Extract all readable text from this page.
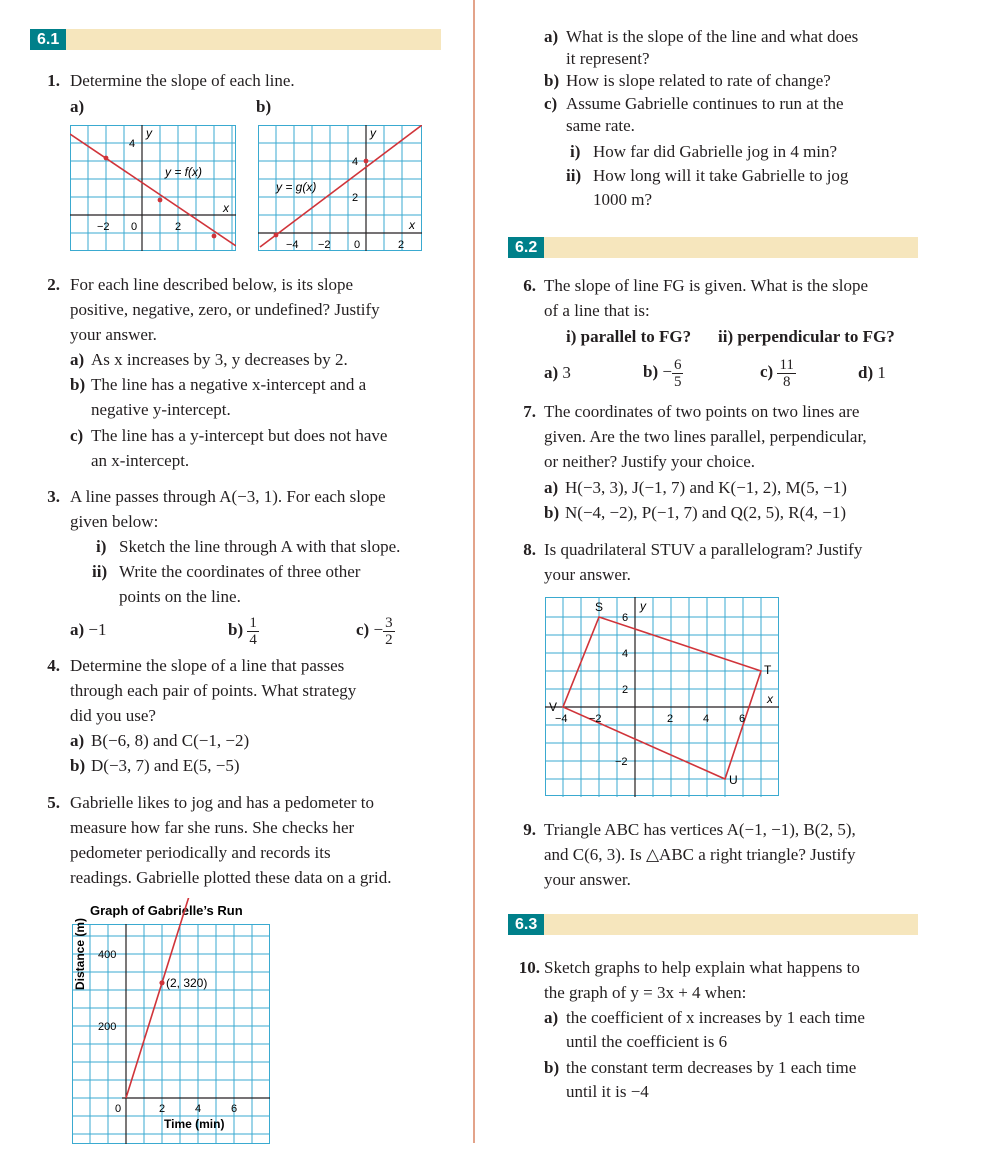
6.1
1. Determine the slope of each line.
a)	b)
y
x
y = f(x)
−2 0	2
4
y
x
y = g(x)
−4 −2 0	2
2
4
2. For each line described below, is its slope
positive, negative, zero, or undefined? Justify
your answer.
a) As x increases by 3, y decreases by 2.
b) The line has a negative x-intercept and a
negative y-intercept.
c) The line has a y-intercept but does not have
an x-intercept.
3. A line passes through A(−3, 1). For each slope
given below:
i) Sketch the line through A with that slope.
ii) Write the coordinates of three other
points on the line.
a) −1	$b) \frac{1}{4}$	$c) - \frac{3}{2}$
4. Determine the slope of a line that passes
through each pair of points. What strategy
did you use?
a) B(−6, 8) and C(−1, −2)
b) D(−3, 7) and E(5, −5)
5. Gabrielle likes to jog and has a pedometer to
measure how far she runs. She checks her
pedometer periodically and records its
readings. Gabrielle plotted these data on a grid.
Graph of Gabrielle’s Run
200
400
0	2	4	6
Time (min)
Distance (m)	(2, 320)
a) What is the slope of the line and what does
it represent?
b) How is slope related to rate of change?
c) Assume Gabrielle continues to run at the
same rate.
i) How far did Gabrielle jog in 4 min?
ii) How long will it take Gabrielle to jog
1000 m?
6.2
6. The slope of line FG is given. What is the slope
of a line that is:
i) parallel to FG? ii) perpendicular to FG?
a) 3	$b) - \frac{6}{5}$	$c) \frac{11}{8}$	d) 1
7. The coordinates of two points on two lines are
given. Are the two lines parallel, perpendicular,
or neither? Justify your choice.
a) H(−3, 3), J(−1, 7) and K(−1, 2), M(5, −1)
b) N(−4, −2), P(−1, 7) and Q(2, 5), R(4, −1)
8. Is quadrilateral STUV a parallelogram? Justify
your answer.
S
T
U
V
y
x
−4 −2	2	4	6
6
4
2
−2
9. Triangle ABC has vertices A(−1, −1), B(2, 5),
and C(6, 3). Is △ABC a right triangle? Justify
your answer.
6.3
10. Sketch graphs to help explain what happens to
the graph of y = 3x + 4 when:
a) the coefficient of x increases by 1 each time
until the coefficient is 6
b) the constant term decreases by 1 each time
until it is −4
